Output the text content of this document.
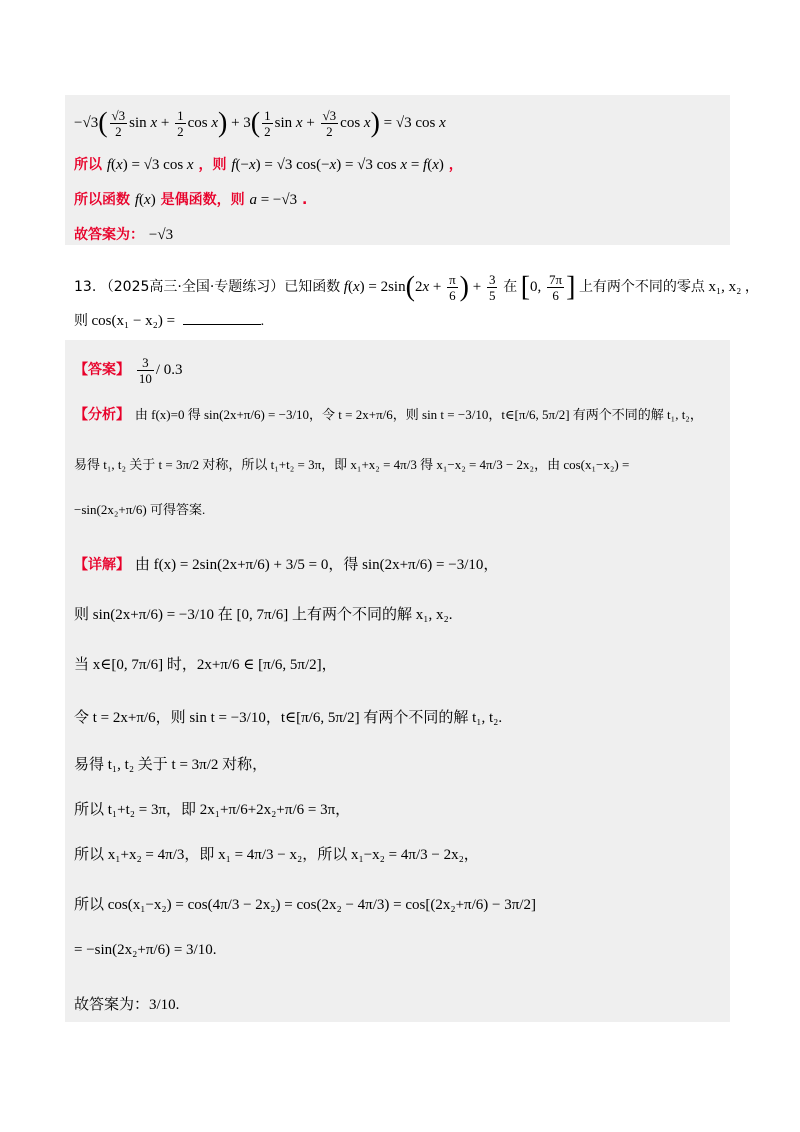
$-√3( \frac{√3}{2}$ $\sin x + \frac{1}{2}$ $\cos x) + 3( \frac{1}{2}$ $\sin x + \frac{√3}{2}$ cos x) = √3 cos x
所以 f(x) = √3 cos x ，则 f(−x) = √3 cos(−x) = √3 cos x = f(x) ，
所以函数 f(x) 是偶函数，则 a = −√3 .
故答案为： −√3
13. （2025高三·全国·专题练习）已知函数 $f(x) = 2\sin(2x + \frac{\pi}{6}$ ) + $\frac{3}{5}$ 在 [0, $\frac{7\pi}{6}$ ] 上有两个不同的零点 x₁, x₂ ，
则 cos(x₁ − x₂) =	.
【答案】 $\frac{3}{10} / 0.3$
【分析】 由 f(x)=0 得 sin(2x+π/6) = −3/10，令 t = 2x+π/6，则 sin t = −3/10，t∈[π/6, 5π/2] 有两个不同的解 t₁, t₂，
易得 t₁, t₂ 关于 t = 3π/2 对称，所以 t₁+t₂ = 3π，即 x₁+x₂ = 4π/3 得 x₁−x₂ = 4π/3 − 2x₂，由 cos(x₁−x₂) =
−sin(2x₂+π/6) 可得答案.
【详解】 由 f(x) = 2sin(2x+π/6) + 3/5 = 0，得 sin(2x+π/6) = −3/10，
则 sin(2x+π/6) = −3/10 在 [0, 7π/6] 上有两个不同的解 x₁, x₂.
当 x∈[0, 7π/6] 时，2x+π/6 ∈ [π/6, 5π/2]，
令 t = 2x+π/6，则 sin t = −3/10，t∈[π/6, 5π/2] 有两个不同的解 t₁, t₂.
易得 t₁, t₂ 关于 t = 3π/2 对称，
所以 t₁+t₂ = 3π，即 2x₁+π/6+2x₂+π/6 = 3π，
所以 x₁+x₂ = 4π/3，即 x₁ = 4π/3 − x₂，所以 x₁−x₂ = 4π/3 − 2x₂，
所以 cos(x₁−x₂) = cos(4π/3 − 2x₂) = cos(2x₂ − 4π/3) = cos[(2x₂+π/6) − 3π/2]
= −sin(2x₂+π/6) = 3/10.
故答案为：3/10.
